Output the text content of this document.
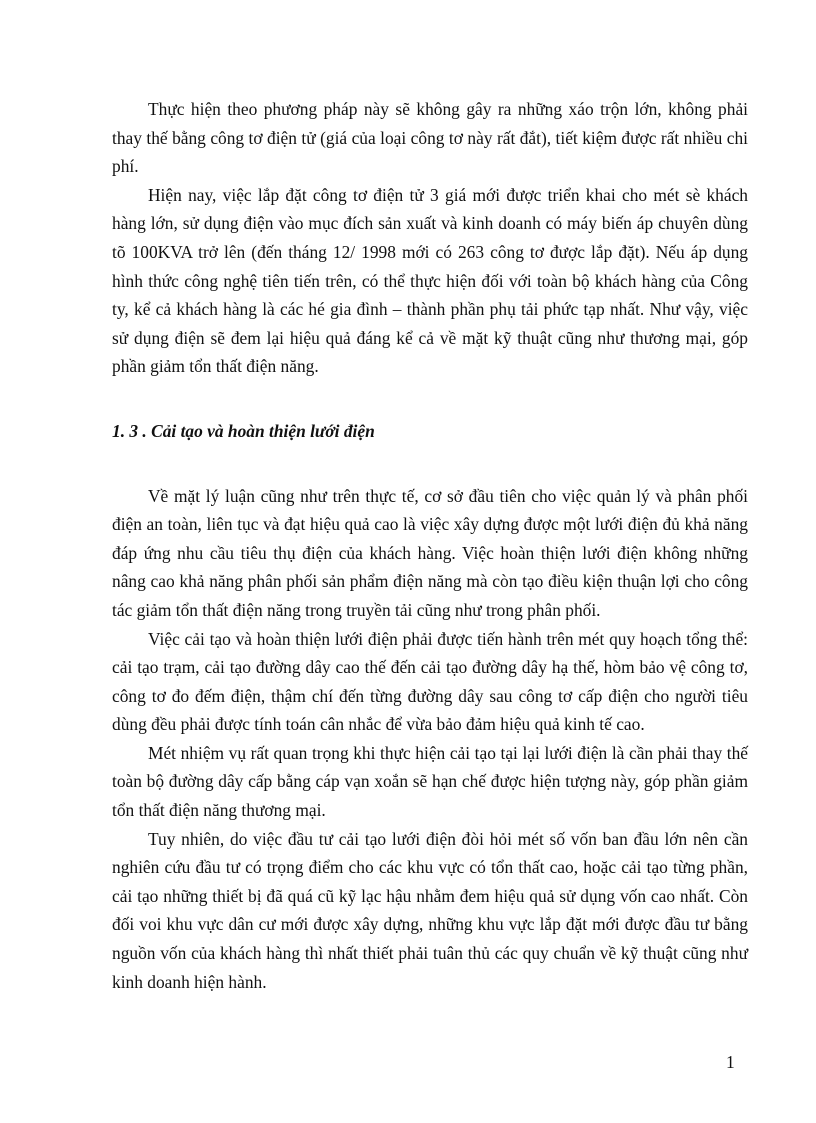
Thực hiện theo phương pháp này sẽ không gây ra những xáo trộn lớn, không phải thay thế bằng công tơ điện tử (giá của loại công tơ này rất đắt), tiết kiệm được rất nhiều chi phí.

Hiện nay, việc lắp đặt công tơ điện tử 3 giá mới được triển khai cho mét sè khách hàng lớn, sử dụng điện vào mục đích sản xuất và kinh doanh có máy biến áp chuyên dùng tõ 100KVA trở lên (đến tháng 12/ 1998 mới có 263 công tơ được lắp đặt). Nếu áp dụng hình thức công nghệ tiên tiến trên, có thể thực hiện đối với toàn bộ khách hàng của Công ty, kể cả khách hàng là các hé gia đình – thành phần phụ tải phức tạp nhất. Như vậy, việc sử dụng điện sẽ đem lại hiệu quả đáng kể cả về mặt kỹ thuật cũng như thương mại, góp phần giảm tổn thất điện năng.

1. 3 . Cải tạo và hoàn thiện lưới điện

Về mặt lý luận cũng như trên thực tế, cơ sở đầu tiên cho việc quản lý và phân phối điện an toàn, liên tục và đạt hiệu quả cao là việc xây dựng được một lưới điện đủ khả năng đáp ứng nhu cầu tiêu thụ điện của khách hàng. Việc hoàn thiện lưới điện không những nâng cao khả năng phân phối sản phẩm điện năng mà còn tạo điều kiện thuận lợi cho công tác giảm tổn thất điện năng trong truyền tải cũng như trong phân phối.

Việc cải tạo và hoàn thiện lưới điện phải được tiến hành trên mét quy hoạch tổng thể: cải tạo trạm, cải tạo đường dây cao thế đến cải tạo đường dây hạ thế, hòm bảo vệ công tơ, công tơ đo đếm điện, thậm chí đến từng đường dây sau công tơ cấp điện cho người tiêu dùng đều phải được tính toán cân nhắc để vừa bảo đảm hiệu quả kinh tế cao.

Mét nhiệm vụ rất quan trọng khi thực hiện cải tạo tại lại lưới điện là cần phải thay thế toàn bộ đường dây cấp bằng cáp vạn xoắn sẽ hạn chế được hiện tượng này, góp phần giảm tổn thất điện năng thương mại.

Tuy nhiên, do việc đầu tư cải tạo lưới điện đòi hỏi mét số vốn ban đầu lớn nên cần nghiên cứu đầu tư có trọng điểm cho các khu vực có tổn thất cao, hoặc cải tạo từng phần, cải tạo những thiết bị đã quá cũ kỹ lạc hậu nhằm đem hiệu quả sử dụng vốn cao nhất. Còn đối voi khu vực dân cư mới được xây dựng, những khu vực lắp đặt mới được đầu tư bằng nguồn vốn của khách hàng thì nhất thiết phải tuân thủ các quy chuẩn về kỹ thuật cũng như kinh doanh hiện hành.

1
